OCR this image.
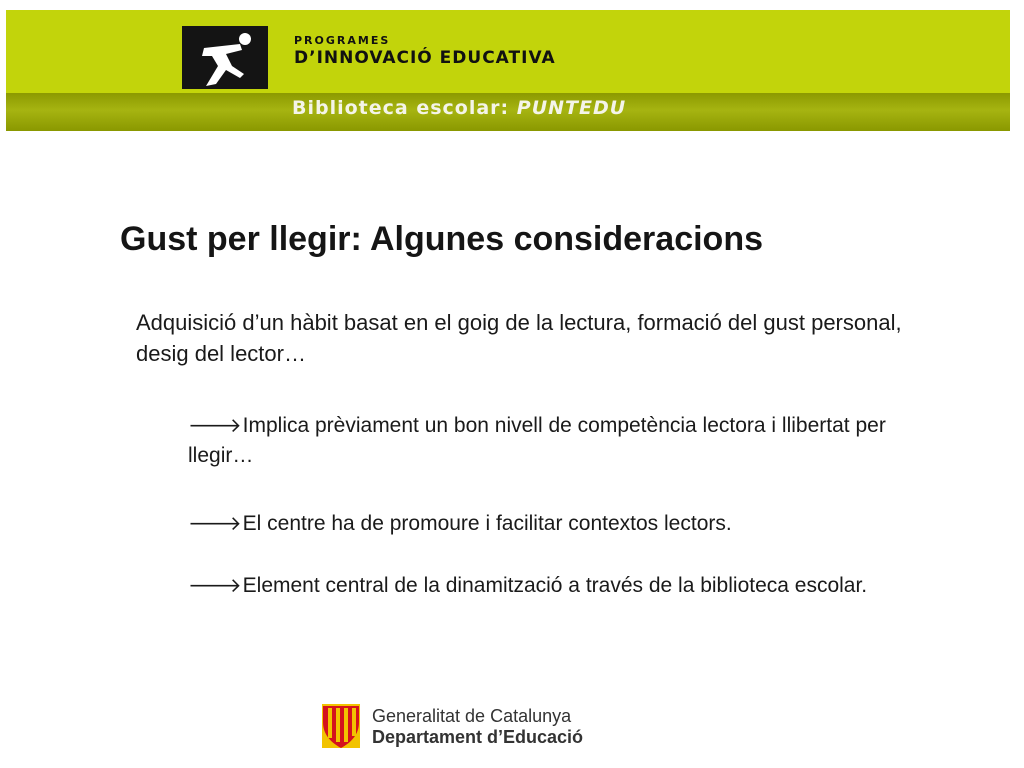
PROGRAMES
D’INNOVACIÓ EDUCATIVA
Biblioteca escolar: PUNTEDU
Gust per llegir: Algunes consideracions

Adquisició d’un hàbit basat en el goig de la lectura, formació del gust personal, desig del lector…

🡒Implica prèviament un bon nivell de competència lectora i llibertat per llegir…

🡒El centre ha de promoure i facilitar contextos lectors.

🡒Element central de la dinamització a través de la biblioteca escolar.

Generalitat de Catalunya
Departament d’Educació
